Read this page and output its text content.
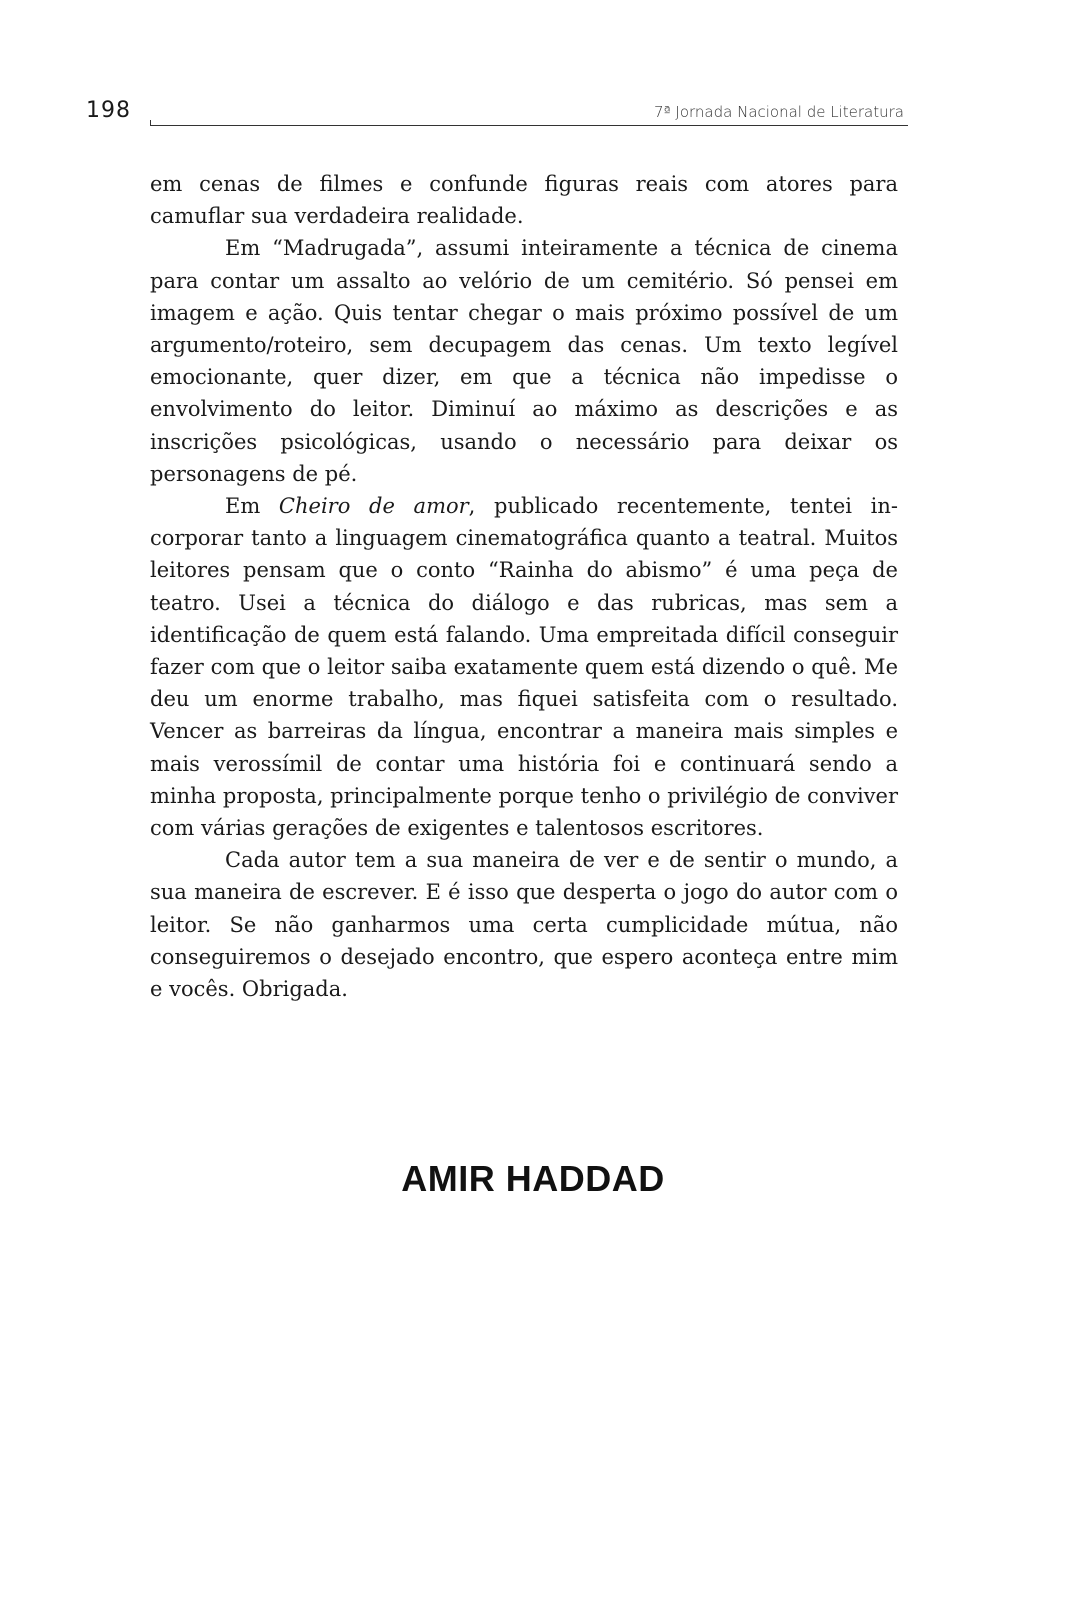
198	7ª Jornada Nacional de Literatura

em cenas de filmes e confunde figuras reais com atores para camuflar sua verdadeira realidade.

Em “Madrugada”, assumi inteiramente a técnica de cinema para contar um assalto ao velório de um cemitério. Só pensei em imagem e ação. Quis tentar chegar o mais próximo possível de um argumento/roteiro, sem decupagem das cenas. Um texto legível emocionante, quer dizer, em que a técnica não impedisse o envolvimento do leitor. Diminuí ao máximo as descrições e as inscrições psicológicas, usando o necessário para deixar os personagens de pé.

Em Cheiro de amor, publicado recentemente, tentei incorporar tanto a linguagem cinematográfica quanto a teatral. Muitos leitores pensam que o conto “Rainha do abismo” é uma peça de teatro. Usei a técnica do diálogo e das rubricas, mas sem a identificação de quem está falando. Uma empreitada difícil conseguir fazer com que o leitor saiba exatamente quem está dizendo o quê. Me deu um enorme trabalho, mas fiquei satisfeita com o resultado. Vencer as barreiras da língua, encontrar a maneira mais simples e mais verossímil de contar uma história foi e continuará sendo a minha proposta, principalmente porque tenho o privilégio de conviver com várias gerações de exigentes e talentosos escritores.

Cada autor tem a sua maneira de ver e de sentir o mundo, a sua maneira de escrever. E é isso que desperta o jogo do autor com o leitor. Se não ganharmos uma certa cumplicidade mútua, não conseguiremos o desejado encontro, que espero aconteça entre mim e vocês. Obrigada.

AMIR HADDAD
